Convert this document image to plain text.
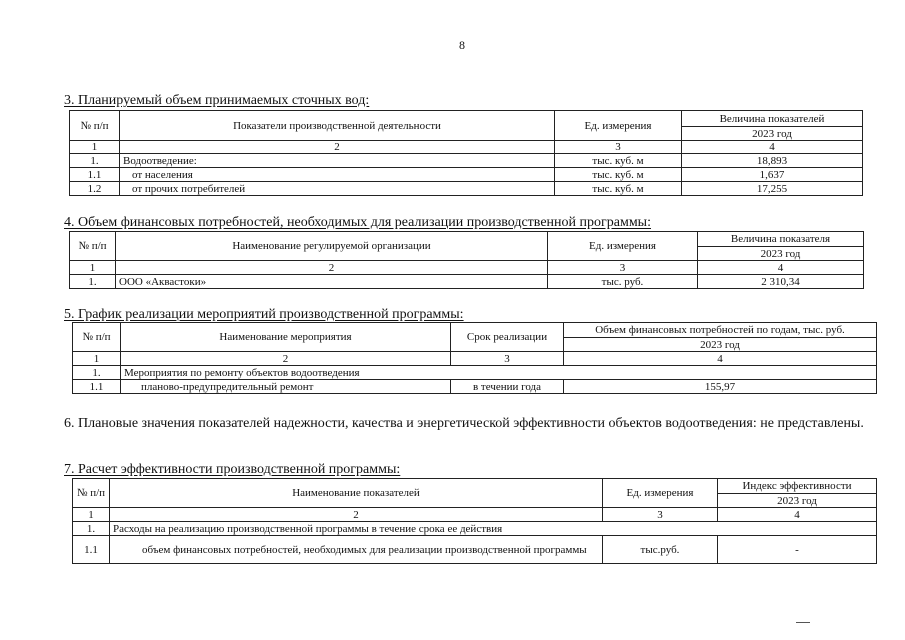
8
3. Планируемый объем принимаемых сточных вод:
№ п/п	Показатели производственной деятельности	Ед. измерения	Величина показателей
			2023 год
1	2	3	4
1.	Водоотведение:	тыс. куб. м	18,893
1.1	от населения	тыс. куб. м	1,637
1.2	от прочих потребителей	тыс. куб. м	17,255
4. Объем финансовых потребностей, необходимых для реализации производственной программы:
№ п/п	Наименование регулируемой организации	Ед. измерения	Величина показателя
			2023 год
1	2	3	4
1.	ООО «Аквастоки»	тыс. руб.	2 310,34
5. График реализации мероприятий производственной программы:
№ п/п	Наименование мероприятия	Срок реализации	Объем финансовых потребностей по годам, тыс. руб.
			2023 год
1	2	3	4
1.	Мероприятия по ремонту объектов водоотведения		
1.1	планово-предупредительный ремонт	в течении года	155,97
6. Плановые значения показателей надежности, качества и энергетической эффективности объектов водоотведения: не представлены.
7. Расчет эффективности производственной программы:
№ п/п	Наименование показателей	Ед. измерения	Индекс эффективности
			2023 год
1	2	3	4
1.	Расходы на реализацию производственной программы в течение срока ее действия		
1.1	объем финансовых потребностей, необходимых для реализации производственной программы	тыс.руб.	-
